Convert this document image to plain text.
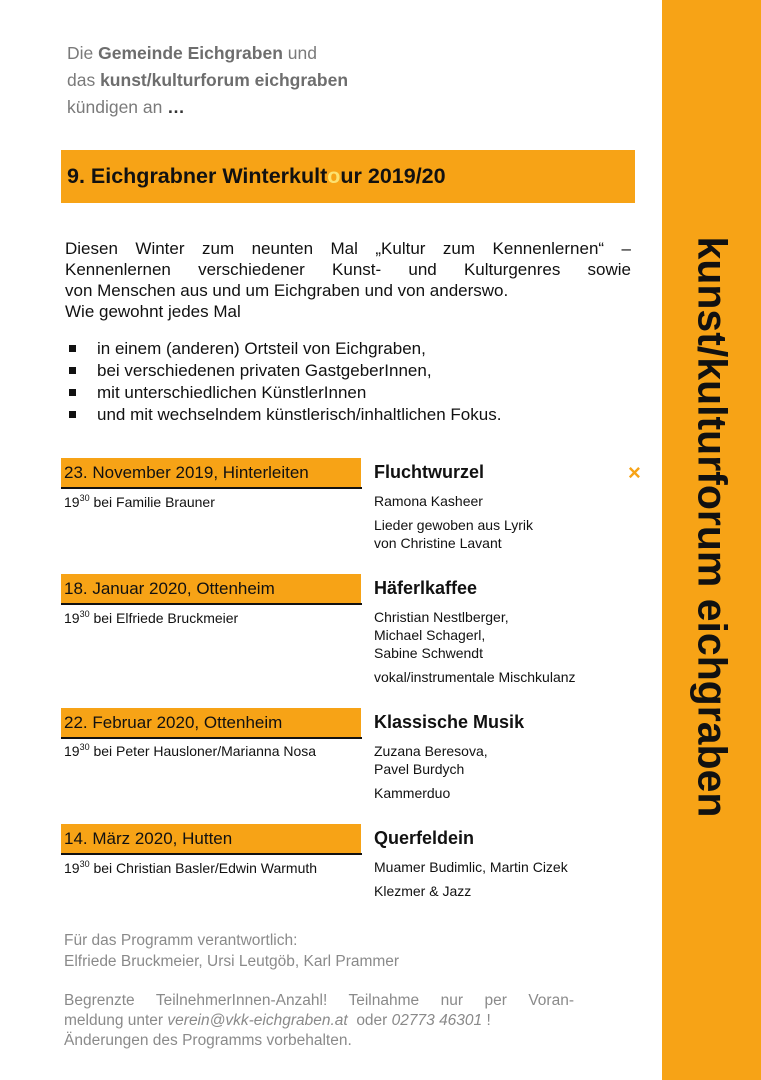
Die Gemeinde Eichgraben und
das kunst/kulturforum eichgraben
kündigen an …
9. Eichgrabner Winterkultour 2019/20
Diesen Winter zum neunten Mal „Kultur zum Kennenlernen“ –
Kennenlernen verschiedener Kunst- und Kulturgenres sowie
von Menschen aus und um Eichgraben und von anderswo.
Wie gewohnt jedes Mal
in einem (anderen) Ortsteil von Eichgraben,
bei verschiedenen privaten GastgeberInnen,
mit unterschiedlichen KünstlerInnen
und mit wechselndem künstlerisch/inhaltlichen Fokus.
×
23. November 2019, Hinterleiten
$19^{30}$ bei Familie Brauner
Fluchtwurzel
Ramona Kasheer
Lieder gewoben aus Lyrik
von Christine Lavant
18. Januar 2020, Ottenheim
$19^{30}$ bei Elfriede Bruckmeier
Häferlkaffee
Christian Nestlberger,
Michael Schagerl,
Sabine Schwendt
vokal/instrumentale Mischkulanz
22. Februar 2020, Ottenheim
$19^{30}$ bei Peter Hausloner/Marianna Nosa
Klassische Musik
Zuzana Beresova,
Pavel Burdych
Kammerduo
14. März 2020, Hutten
$19^{30}$ bei Christian Basler/Edwin Warmuth
Querfeldein
Muamer Budimlic, Martin Cizek
Klezmer & Jazz
Für das Programm verantwortlich:
Elfriede Bruckmeier, Ursi Leutgöb, Karl Prammer
Begrenzte TeilnehmerInnen-Anzahl! Teilnahme nur per Voran-
meldung unter verein@vkk-eichgraben.at  oder 02773 46301 !
Änderungen des Programms vorbehalten.
kunst/kulturforum eichgraben
